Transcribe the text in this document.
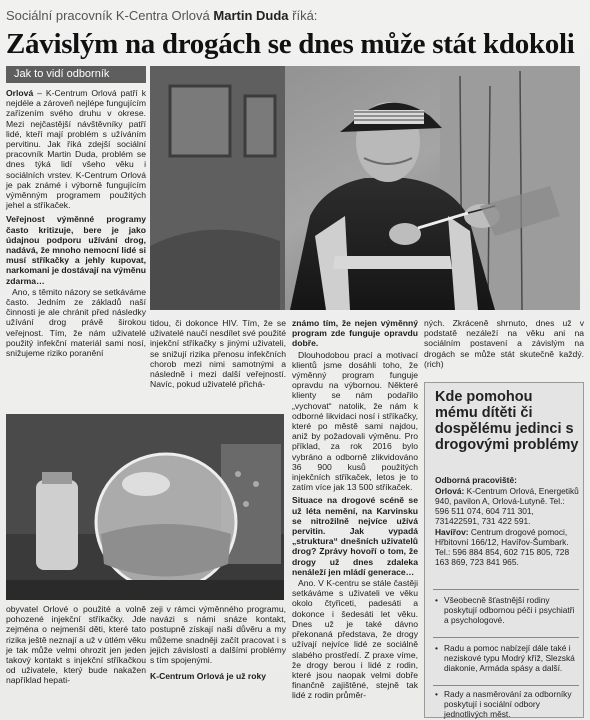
Sociální pracovník K-Centra Orlová Martin Duda říká:
Závislým na drogách se dnes může stát kdokoli
Jak to vidí odborník

Orlová – K-Centrum Orlová patří k nejdéle a zároveň nejlépe fungujícím zařízením svého druhu v okrese. Mezi nejčastější návštěvníky patří lidé, kteří mají problém s užíváním pervitinu. Jak říká zdejší sociální pracovník Martin Duda, problém se dnes týká lidí všeho věku i sociálních vrstev. K-Centrum Orlová je pak známé i výborně fungujícím výměnným programem použitých jehel a stříkaček.

Veřejnost výměnné programy často kritizuje, bere je jako údajnou podporu užívání drog, nadává, že mnoho nemocní lidé si musí stříkačky a jehly kupovat, narkomani je dostávají na výměnu zdarma…

Ano, s těmito názory se setkáváme často. Jedním ze základů naší činnosti je ale chránit před následky užívání drog právě širokou veřejnost. Tím, že nám uživatelé použitý infekční materiál sami nosí, snižujeme riziko poranění

tidou, či dokonce HIV. Tím, že se uživatelé naučí nesdílet své použité injekční stříkačky s jinými uživateli, se snižují rizika přenosu infekčních chorob mezi nimi samotnými a následně i mezi další veřejností. Navíc, pokud uživatelé přichá-

známo tím, že nejen výměnný program zde funguje opravdu dobře.

Dlouhodobou prací a motivací klientů jsme dosáhli toho, že výměnný program funguje opravdu na výbornou. Některé klienty se nám podařilo „vychovat“ natolik, že nám k odborné likvidaci nosí i stříkačky, které po městě sami najdou, aniž by požadovali výměnu. Pro příklad, za rok 2016 bylo vybráno a odborně zlikvidováno 36 900 kusů použitých injekčních stříkaček, letos je to zatím více jak 13 500 stříkaček.

Situace na drogové scéně se už léta nemění, na Karvinsku se nitrožilně nejvíce užívá pervitin. Jak vypadá „struktura“ dnešních uživatelů drog? Zprávy hovoří o tom, že drogy už dnes zdaleka nenáleží jen mládí generace…

Ano. V K-centru se stále častěji setkáváme s uživateli ve věku okolo čtyřiceti, padesáti a dokonce i šedesáti let věku. Dnes už je také dávno překonaná představa, že drogy užívají nejvíce lidé ze sociálně slabého prostředí. Z praxe víme, že drogy berou i lidé z rodin, které jsou naopak velmi dobře finančně zajištěné, stejně tak lidé z rodin průměr-

ných. Zkráceně shrnuto, dnes už v podstatě nezáleží na věku ani na sociálním postavení a závislým na drogách se může stát skutečně každý. (rich)
obyvatel Orlové o použité a volně pohozené injekční stříkačky. Jde zejména o nejmenší děti, které tato rizika ještě neznají a už v útlém věku je tak může velmi ohrozit jen jeden takový kontakt s injekční stříkačkou od uživatele, který bude nakažen například hepati-

zeji v rámci výměnného programu, navázi s námi snáze kontakt, postupně získají naši důvěru a my můžeme snadněji začít pracovat i s jejich závislostí a dalšími problémy s tím spojenými.

K-Centrum Orlová je už roky

Kde pomohou mému dítěti či dospělému jedinci s drogovými problémy
Odborná pracoviště:
Orlová: K-Centrum Orlová, Energetiků 940, pavilon A, Orlová-Lutyně. Tel.: 596 511 074, 604 711 301, 731422591, 731 422 591.
Havířov: Centrum drogové pomoci, Hřbitovní 166/12, Havířov-Šumbark. Tel.: 596 884 854, 602 715 805, 728 163 869, 723 841 965.
• Všeobecně šťastnější rodiny poskytují odbornou péči i psychiatři a psychologové.
• Radu a pomoc nabízejí dále také i neziskové typu Modrý kříž, Slezská diakonie, Armáda spásy a další.
• Rady a nasměrování za odborníky poskytují i sociální odbory jednotlivých měst.
